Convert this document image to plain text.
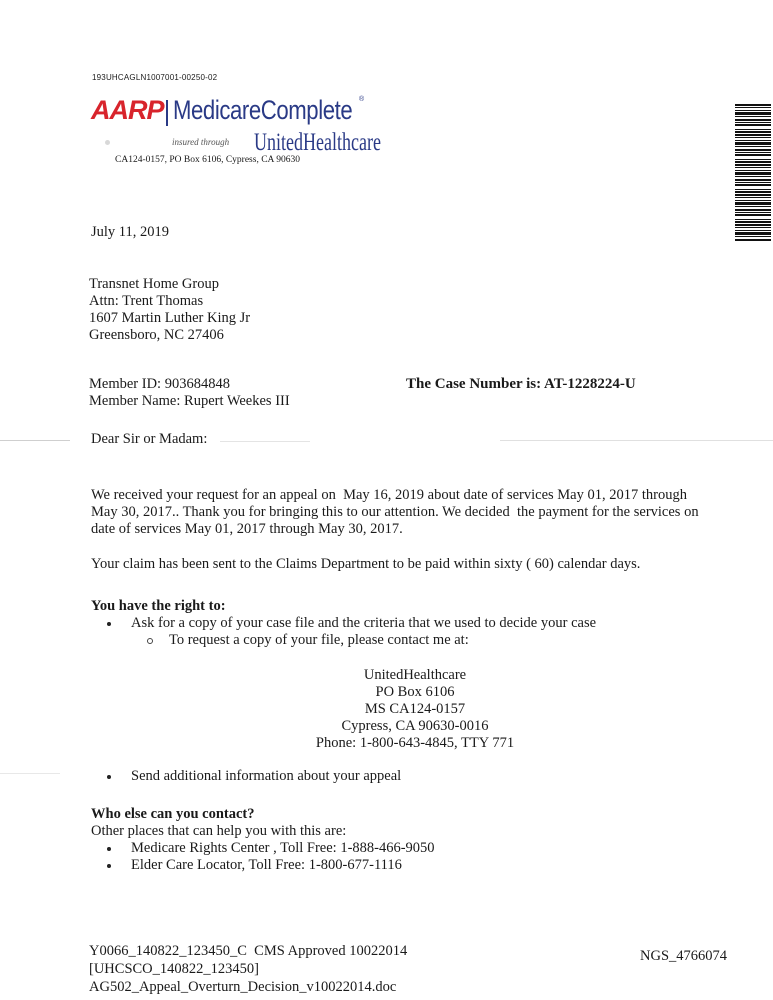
193UHCAGLN1007001-00250-02
AARP MedicareComplete ®
insured through UnitedHealthcare
CA124-0157, PO Box 6106, Cypress, CA 90630
July 11, 2019
Transnet Home Group
Attn: Trent Thomas
1607 Martin Luther King Jr
Greensboro, NC 27406
Member ID: 903684848
Member Name: Rupert Weekes III
The Case Number is: AT-1228224-U
Dear Sir or Madam:
We received your request for an appeal on  May 16, 2019 about date of services May 01, 2017 through
May 30, 2017.. Thank you for bringing this to our attention. We decided  the payment for the services on
date of services May 01, 2017 through May 30, 2017.
Your claim has been sent to the Claims Department to be paid within sixty ( 60) calendar days.
You have the right to:
Ask for a copy of your case file and the criteria that we used to decide your case
To request a copy of your file, please contact me at:
UnitedHealthcare
PO Box 6106
MS CA124-0157
Cypress, CA 90630-0016
Phone: 1-800-643-4845, TTY 771
Send additional information about your appeal
Who else can you contact?
Other places that can help you with this are:
Medicare Rights Center , Toll Free: 1-888-466-9050
Elder Care Locator, Toll Free: 1-800-677-1116
Y0066_140822_123450_C  CMS Approved 10022014
[UHCSCO_140822_123450]
AG502_Appeal_Overturn_Decision_v10022014.doc
NGS_4766074
